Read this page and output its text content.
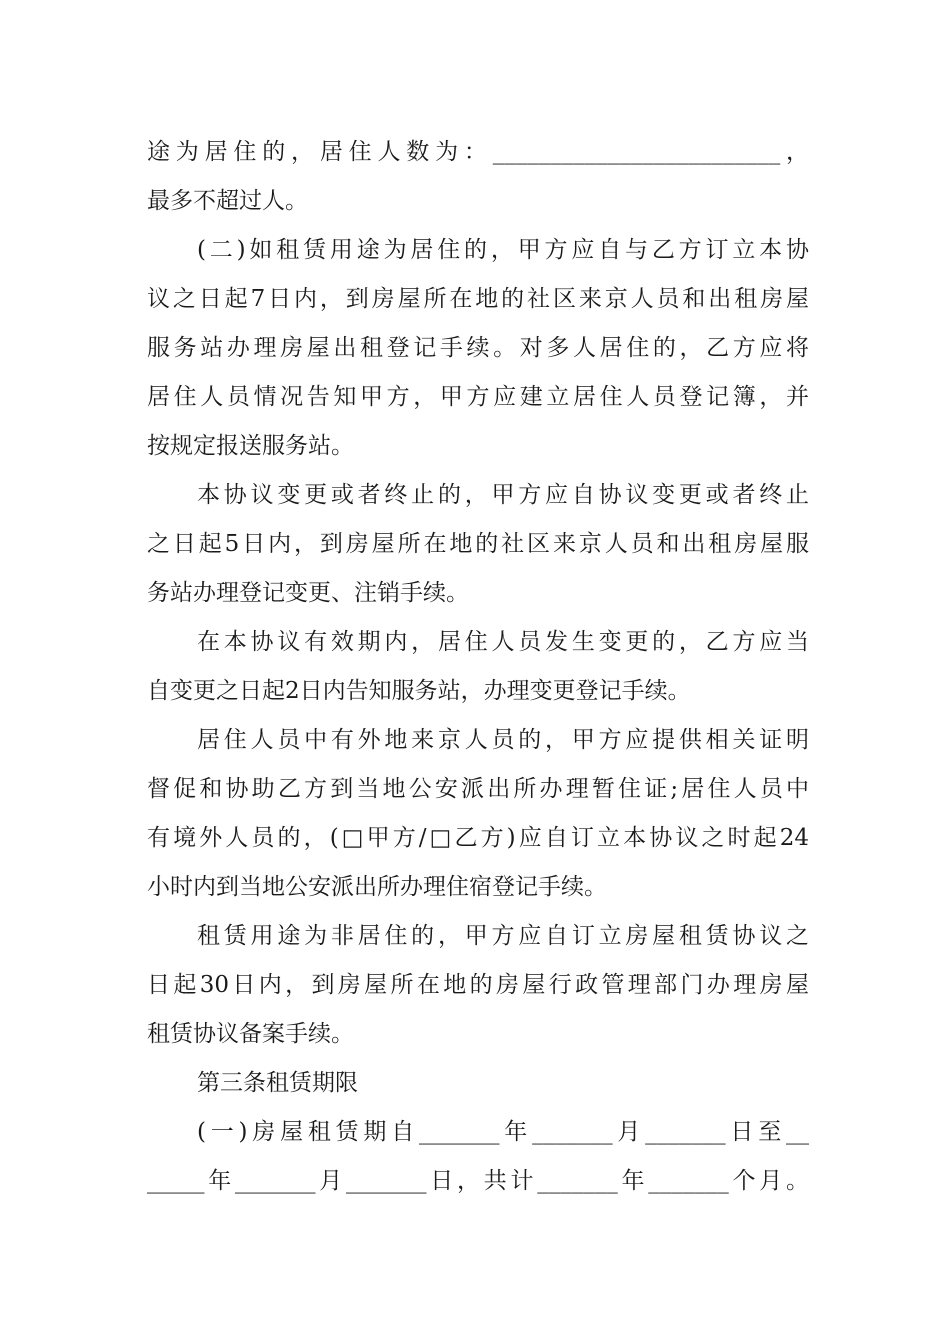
途为居住的，居住人数为：_________________________，
最多不超过人。
(二)如租赁用途为居住的，甲方应自与乙方订立本协
议之日起7日内，到房屋所在地的社区来京人员和出租房屋
服务站办理房屋出租登记手续。对多人居住的，乙方应将
居住人员情况告知甲方，甲方应建立居住人员登记簿，并
按规定报送服务站。
本协议变更或者终止的，甲方应自协议变更或者终止
之日起5日内，到房屋所在地的社区来京人员和出租房屋服
务站办理登记变更、注销手续。
在本协议有效期内，居住人员发生变更的，乙方应当
自变更之日起2日内告知服务站，办理变更登记手续。
居住人员中有外地来京人员的，甲方应提供相关证明
督促和协助乙方到当地公安派出所办理暂住证;居住人员中
有境外人员的，(□甲方/□乙方)应自订立本协议之时起24
小时内到当地公安派出所办理住宿登记手续。
租赁用途为非居住的，甲方应自订立房屋租赁协议之
日起30日内，到房屋所在地的房屋行政管理部门办理房屋
租赁协议备案手续。
第三条租赁期限
(一)房屋租赁期自_______年_______月_______日至__
_____年_______月_______日，共计_______年_______个月。
